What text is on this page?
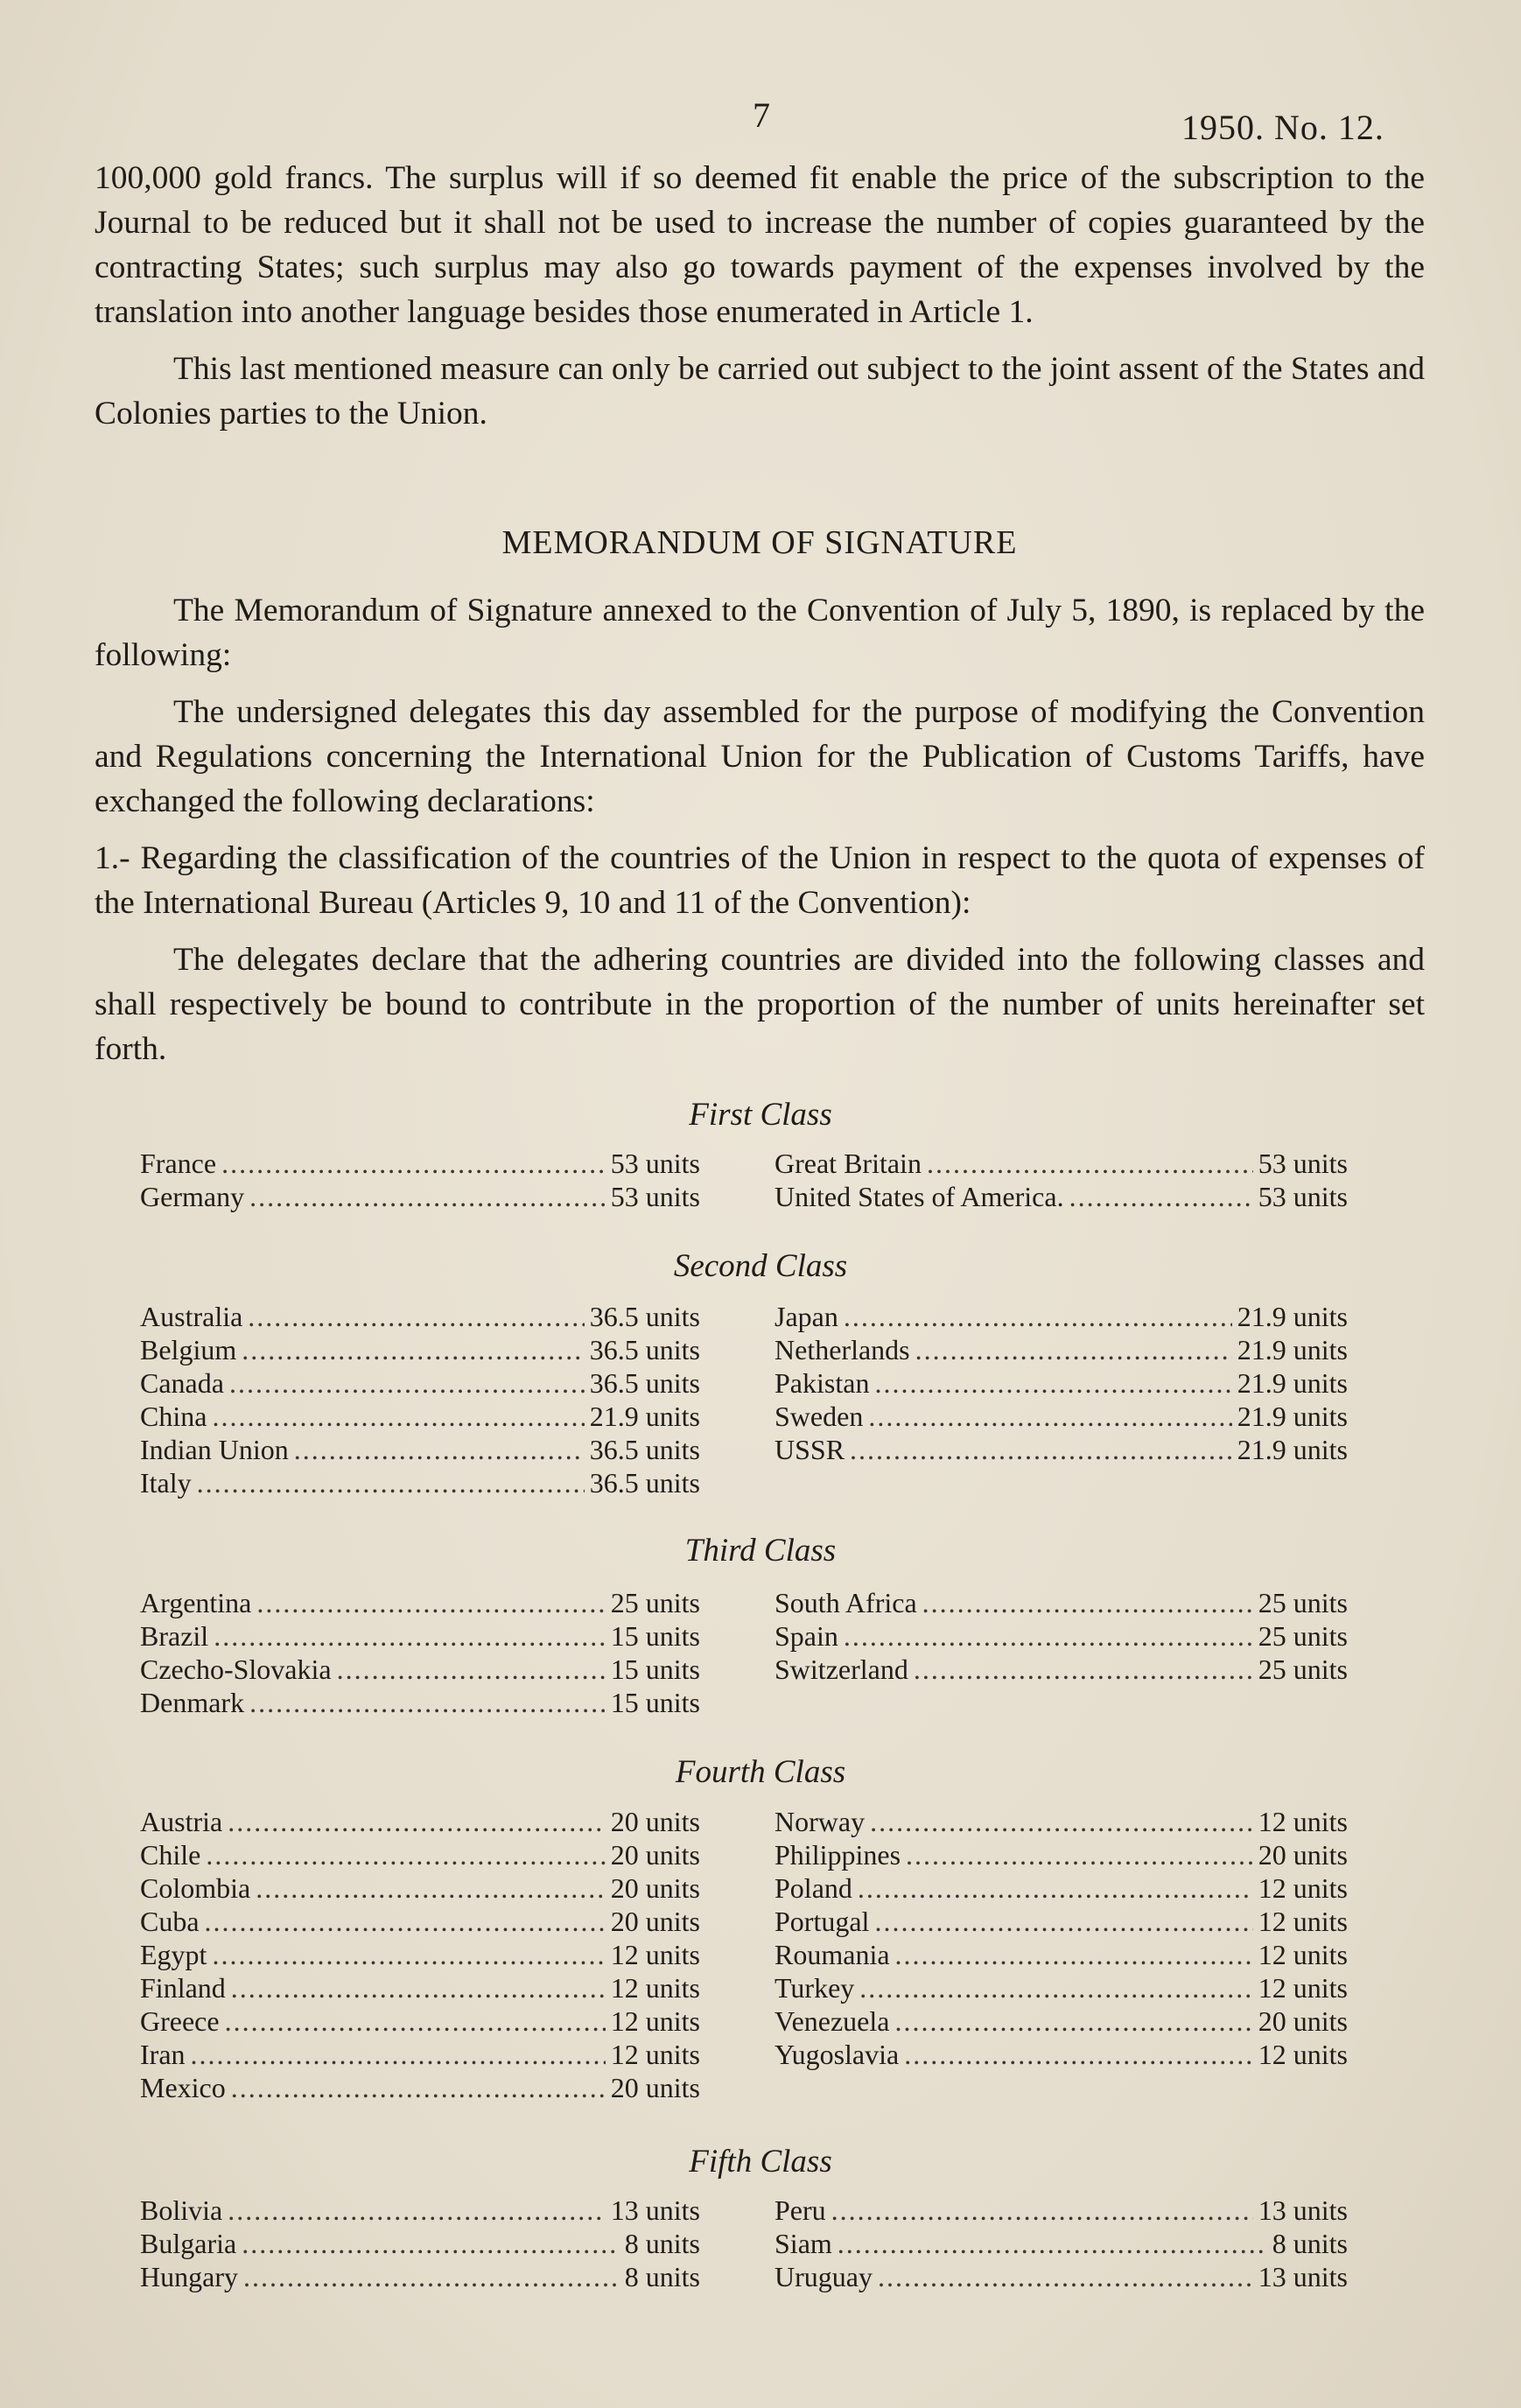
7	1950. No. 12.

100,000 gold francs. The surplus will if so deemed fit enable the price of the subscription to the Journal to be reduced but it shall not be used to increase the number of copies guaranteed by the contracting States; such surplus may also go towards payment of the expenses involved by the translation into another language besides those enumerated in Article 1.

This last mentioned measure can only be carried out subject to the joint assent of the States and Colonies parties to the Union.

MEMORANDUM OF SIGNATURE

The Memorandum of Signature annexed to the Convention of July 5, 1890, is replaced by the following:

The undersigned delegates this day assembled for the purpose of modifying the Convention and Regulations concerning the International Union for the Publication of Customs Tariffs, have exchanged the following declarations:

1.- Regarding the classification of the countries of the Union in respect to the quota of expenses of the International Bureau (Articles 9, 10 and 11 of the Convention):

The delegates declare that the adhering countries are divided into the following classes and shall respectively be bound to contribute in the proportion of the number of units hereinafter set forth.

First Class
France .....	53 units
Germany .....	53 units
Great Britain .....	53 units
United States of America. .....	53 units
Second Class
Australia .....	36.5 units
Belgium .....	36.5 units
Canada .....	36.5 units
China .....	21.9 units
Indian Union .....	36.5 units
Italy .....	36.5 units
Japan .....	21.9 units
Netherlands .....	21.9 units
Pakistan .....	21.9 units
Sweden .....	21.9 units
USSR .....	21.9 units
Third Class
Argentina .....	25 units
Brazil .....	15 units
Czecho-Slovakia .....	15 units
Denmark .....	15 units
South Africa .....	25 units
Spain .....	25 units
Switzerland .....	25 units
Fourth Class
Austria .....	20 units
Chile .....	20 units
Colombia .....	20 units
Cuba .....	20 units
Egypt .....	12 units
Finland .....	12 units
Greece .....	12 units
Iran .....	12 units
Mexico .....	20 units
Norway .....	12 units
Philippines .....	20 units
Poland .....	12 units
Portugal .....	12 units
Roumania .....	12 units
Turkey .....	12 units
Venezuela .....	20 units
Yugoslavia .....	12 units
Fifth Class
Bolivia .....	13 units
Bulgaria .....	8 units
Hungary .....	8 units
Peru .....	13 units
Siam .....	8 units
Uruguay .....	13 units
